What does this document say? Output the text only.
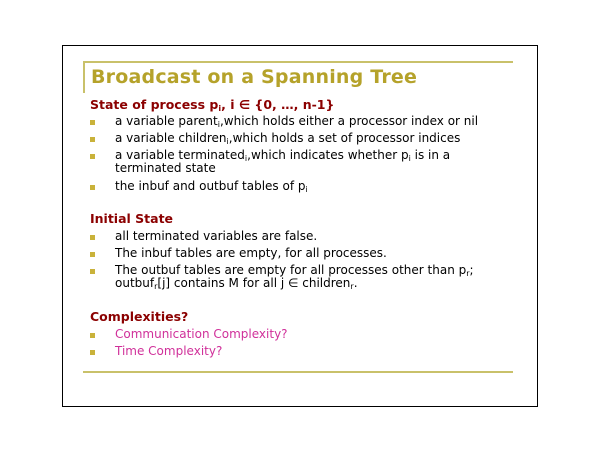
Broadcast on a Spanning Tree
State of process $p_i$, i ∈ {0, …, n-1}
a variable parent$_i$,which holds either a processor index or nil
a variable children$_i$,which holds a set of processor indices
a variable terminated$_i$,which indicates whether $p_i$ is in a
terminated state
the inbuf and outbuf tables of $p_i$
Initial State
all terminated variables are false.
The inbuf tables are empty, for all processes.
The outbuf tables are empty for all processes other than $p_r$;
outbuf$_r$[j] contains M for all j ∈ children$_r$.
Complexities?
Communication Complexity?
Time Complexity?
